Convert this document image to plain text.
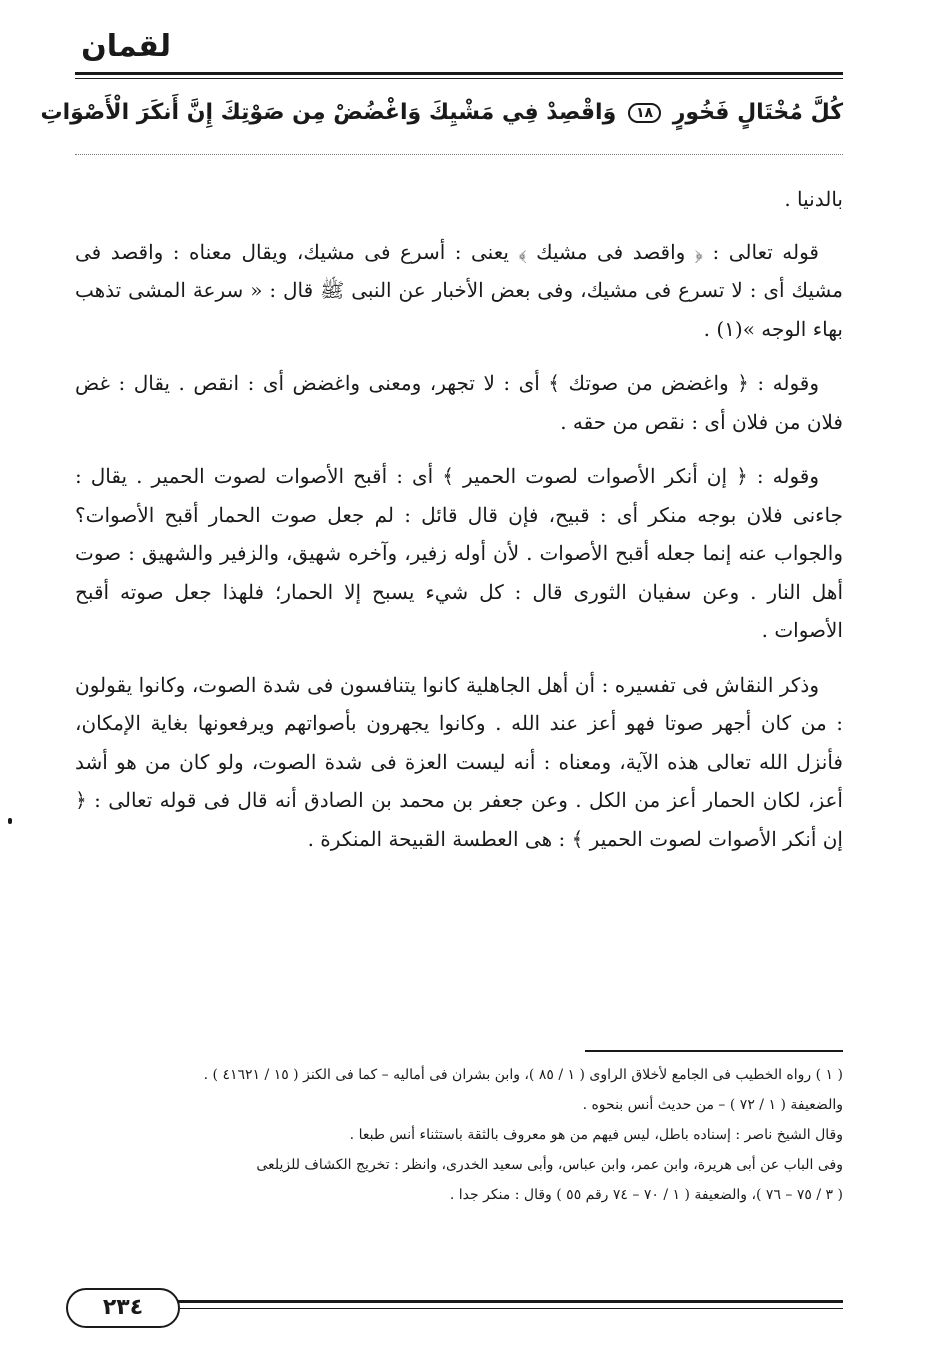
لقمان
كُلَّ مُخْتَالٍ فَخُورٍ ١٨ وَاقْصِدْ فِي مَشْيِكَ وَاغْضُضْ مِن صَوْتِكَ إِنَّ أَنكَرَ الْأَصْوَاتِ

بالدنيا .

قوله تعالى : ﴿ واقصد فى مشيك ﴾ يعنى : أسرع فى مشيك، ويقال معناه : واقصد فى مشيك أى : لا تسرع فى مشيك، وفى بعض الأخبار عن النبى ﷺ قال : « سرعة المشى تذهب بهاء الوجه »(١) .

وقوله : ﴿ واغضض من صوتك ﴾ أى : لا تجهر، ومعنى واغضض أى : انقص . يقال : غض فلان من فلان أى : نقص من حقه .

وقوله : ﴿ إن أنكر الأصوات لصوت الحمير ﴾ أى : أقبح الأصوات لصوت الحمير . يقال : جاءنى فلان بوجه منكر أى : قبيح، فإن قال قائل : لم جعل صوت الحمار أقبح الأصوات؟ والجواب عنه إنما جعله أقبح الأصوات . لأن أوله زفير، وآخره شهيق، والزفير والشهيق : صوت أهل النار . وعن سفيان الثورى قال : كل شيء يسبح إلا الحمار؛ فلهذا جعل صوته أقبح الأصوات .

وذكر النقاش فى تفسيره : أن أهل الجاهلية كانوا يتنافسون فى شدة الصوت، وكانوا يقولون : من كان أجهر صوتا فهو أعز عند الله . وكانوا يجهرون بأصواتهم ويرفعونها بغاية الإمكان، فأنزل الله تعالى هذه الآية، ومعناه : أنه ليست العزة فى شدة الصوت، ولو كان من هو أشد أعز، لكان الحمار أعز من الكل . وعن جعفر بن محمد بن الصادق أنه قال فى قوله تعالى : ﴿ إن أنكر الأصوات لصوت الحمير ﴾ : هى العطسة القبيحة المنكرة .

( ١ ) رواه الخطيب فى الجامع لأخلاق الراوى ( ١ / ٨٥ )، وابن بشران فى أماليه – كما فى الكنز ( ١٥ / ٤١٦٢١ ) .

والضعيفة ( ١ / ٧٢ ) – من حديث أنس بنحوه .

وقال الشيخ ناصر : إسناده باطل، ليس فيهم من هو معروف بالثقة باستثناء أنس طبعا .

وفى الباب عن أبى هريرة، وابن عمر، وابن عباس، وأبى سعيد الخدرى، وانظر : تخريج الكشاف للزيلعى

( ٣ / ٧٥ – ٧٦ )، والضعيفة ( ١ / ٧٠ – ٧٤ رقم ٥٥ ) وقال : منكر جدا .

٢٣٤
